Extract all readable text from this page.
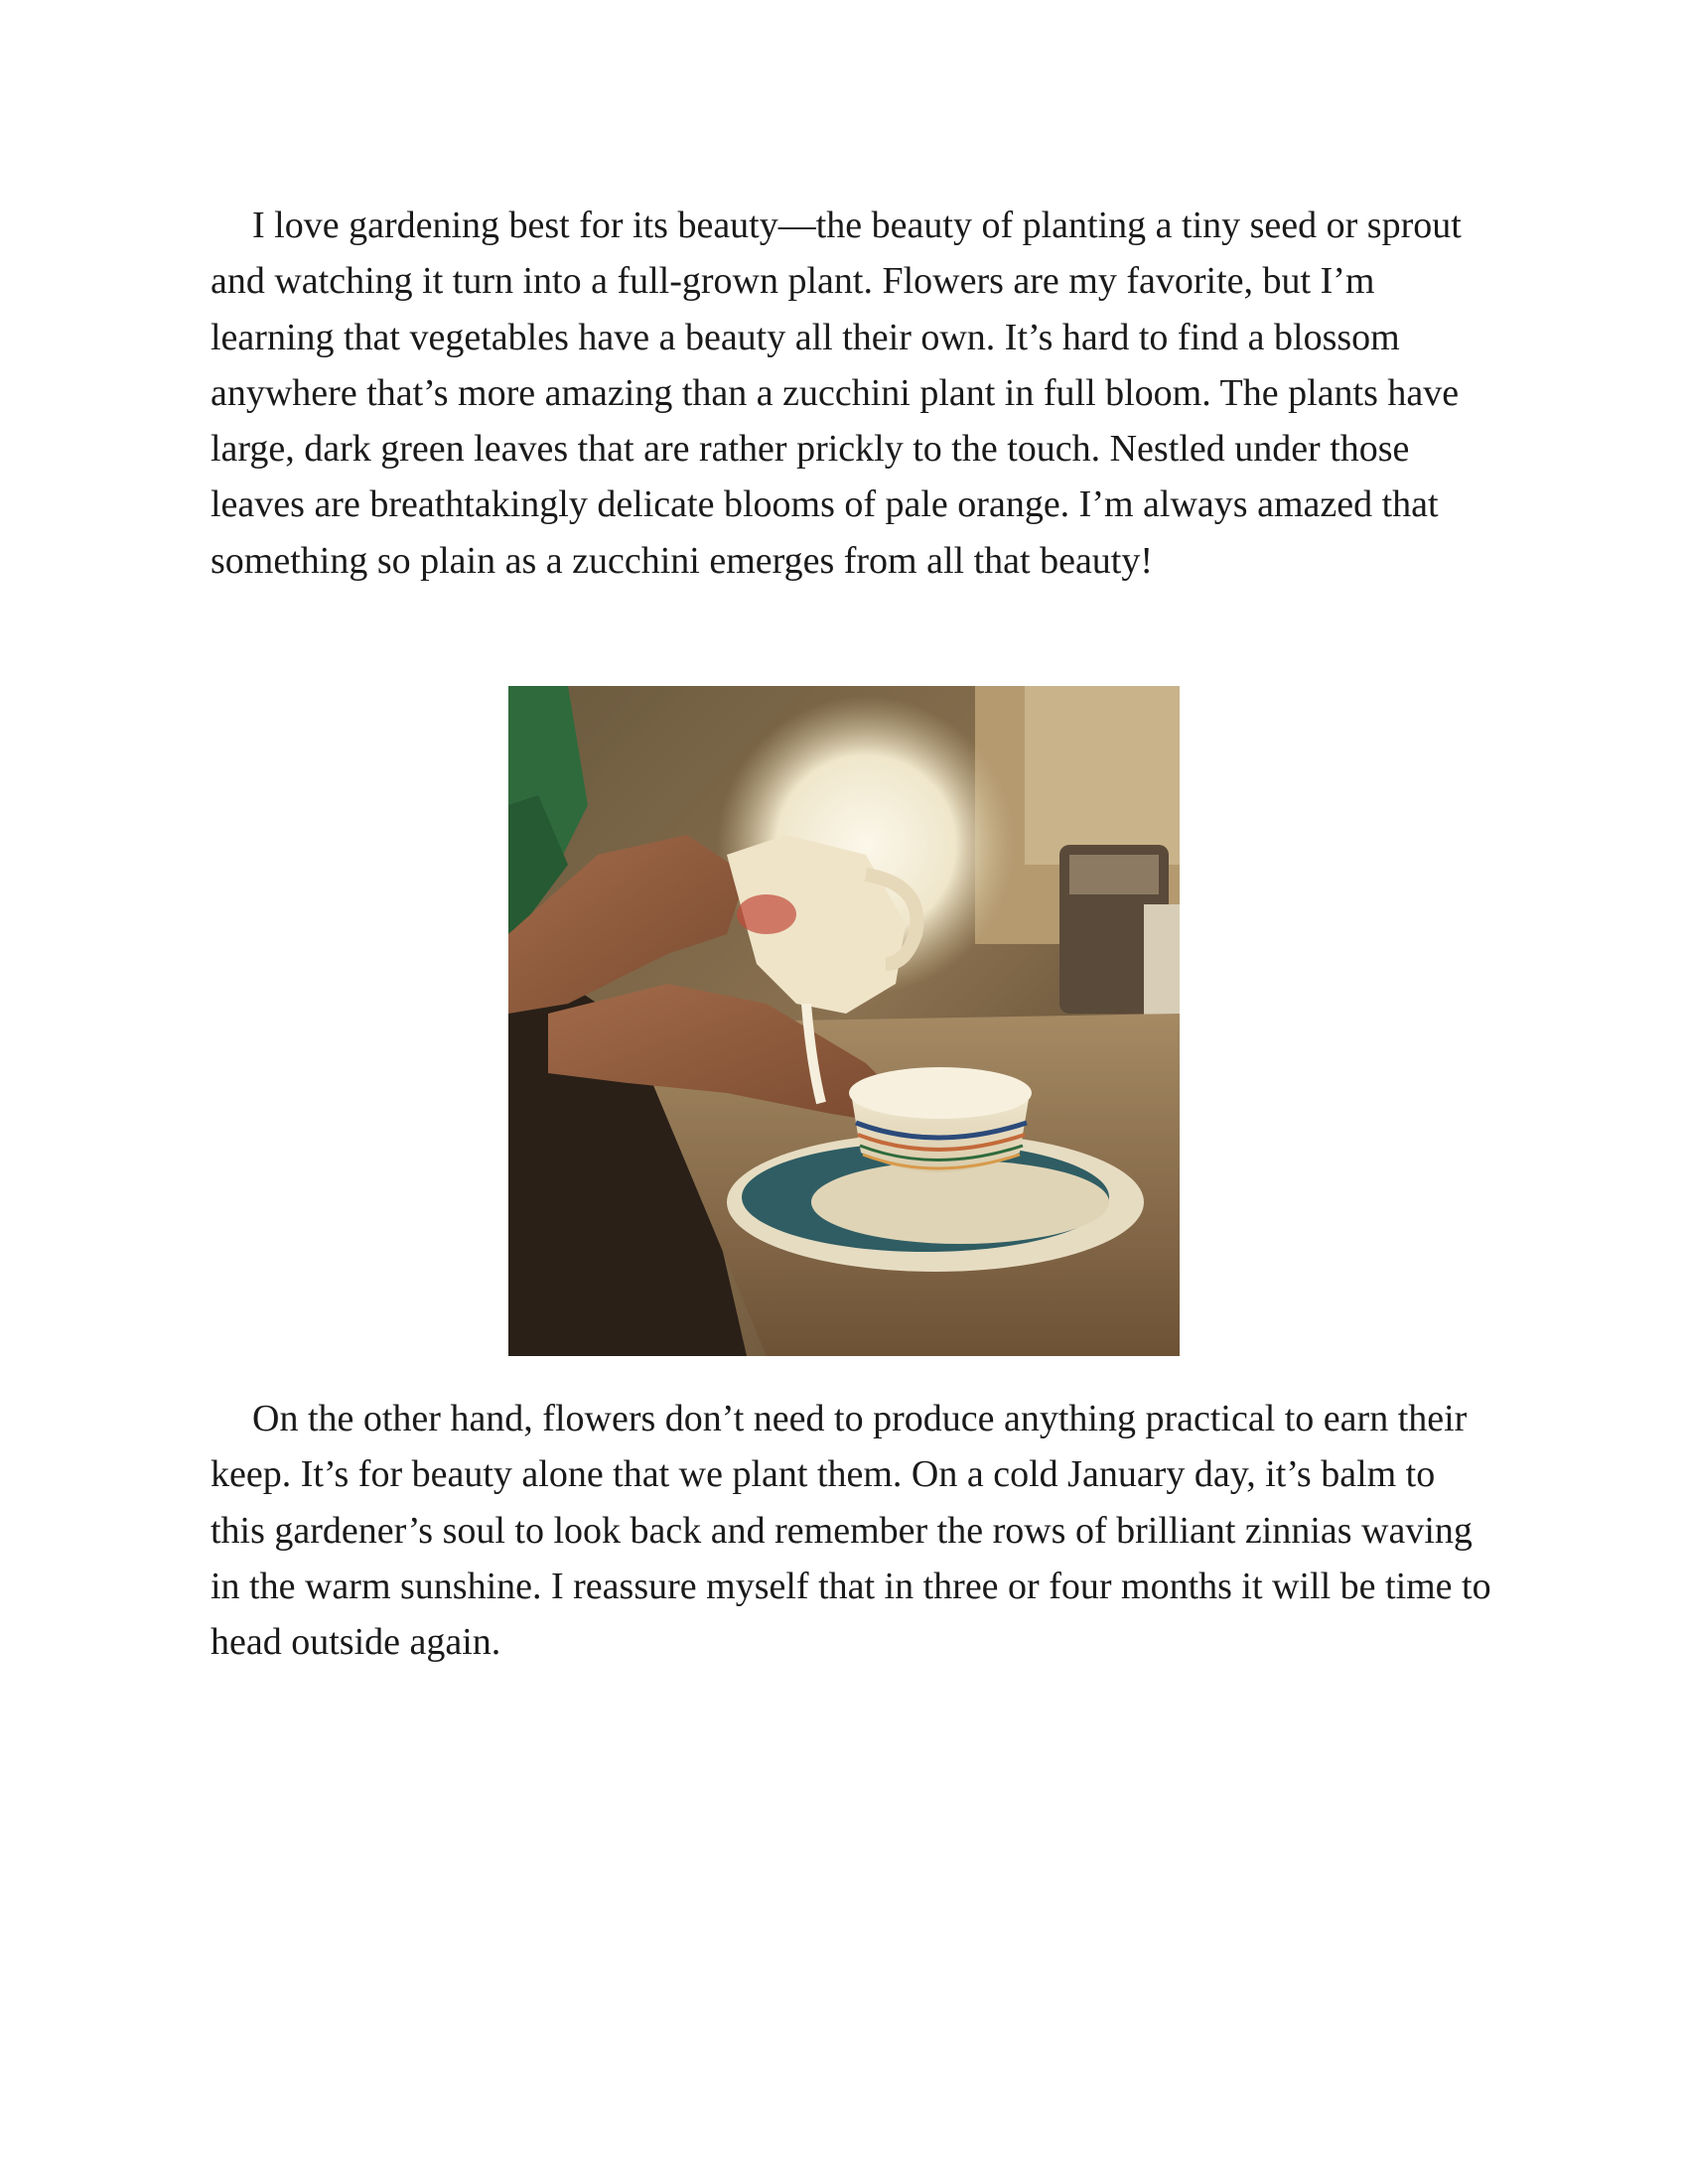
I love gardening best for its beauty—the beauty of planting a tiny seed or sprout and watching it turn into a full-grown plant. Flowers are my favorite, but I’m learning that vegetables have a beauty all their own. It’s hard to find a blossom anywhere that’s more amazing than a zucchini plant in full bloom. The plants have large, dark green leaves that are rather prickly to the touch. Nestled under those leaves are breathtakingly delicate blooms of pale orange. I’m always amazed that something so plain as a zucchini emerges from all that beauty!

On the other hand, flowers don’t need to produce anything practical to earn their keep. It’s for beauty alone that we plant them. On a cold January day, it’s balm to this gardener’s soul to look back and remember the rows of brilliant zinnias waving in the warm sunshine. I reassure myself that in three or four months it will be time to head outside again.
